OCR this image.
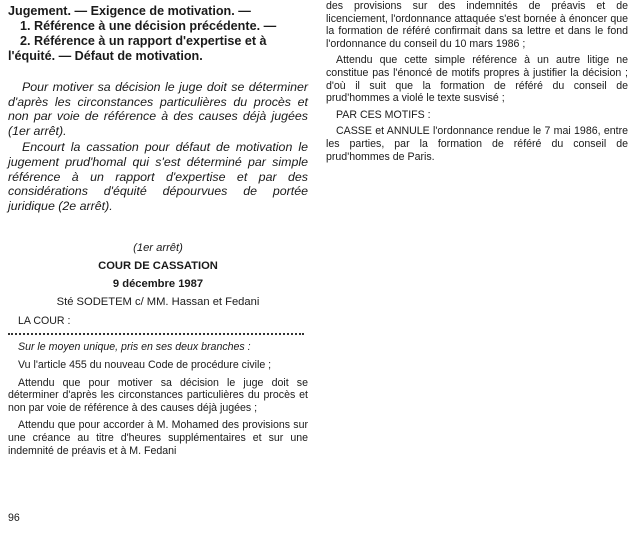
Jugement. — Exigence de motivation. —
1. Référence à une décision précédente. —
2. Référence à un rapport d'expertise et à
l'équité. — Défaut de motivation.

Pour motiver sa décision le juge doit se déterminer d'après les circonstances particulières du procès et non par voie de référence à des causes déjà jugées (1er arrêt).

Encourt la cassation pour défaut de motivation le jugement prud'homal qui s'est déterminé par simple référence à un rapport d'expertise et par des considérations d'équité dépourvues de portée juridique (2e arrêt).

(1er arrêt)
COUR DE CASSATION
9 décembre 1987
Sté SODETEM c/ MM. Hassan et Fedani
LA COUR :

Sur le moyen unique, pris en ses deux branches :

Vu l'article 455 du nouveau Code de procédure civile ;

Attendu que pour motiver sa décision le juge doit se déterminer d'après les circonstances particulières du procès et non par voie de référence à des causes déjà jugées ;

Attendu que pour accorder à M. Mohamed des provisions sur une créance au titre d'heures supplémentaires et sur une indemnité de préavis et à M. Fedani

des provisions sur des indemnités de préavis et de licenciement, l'ordonnance attaquée s'est bornée à énoncer que la formation de référé confirmait dans sa lettre et dans le fond l'ordonnance du conseil du 10 mars 1986 ;

Attendu que cette simple référence à un autre litige ne constitue pas l'énoncé de motifs propres à justifier la décision ; d'où il suit que la formation de référé du conseil de prud'hommes a violé le texte susvisé ;

PAR CES MOTIFS :

CASSE et ANNULE l'ordonnance rendue le 7 mai 1986, entre les parties, par la formation de référé du conseil de prud'hommes de Paris.

96
